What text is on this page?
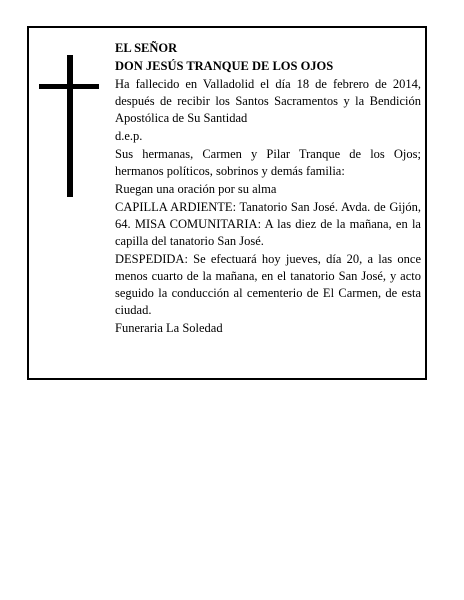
EL SEÑOR

DON JESÚS TRANQUE DE LOS OJOS

Ha fallecido en Valladolid el día 18 de febrero de 2014, después de recibir los Santos Sacramentos y la Bendición Apostólica de Su Santidad

d.e.p.

Sus hermanas, Carmen y Pilar Tranque de los Ojos; hermanos políticos, sobrinos y demás familia:

Ruegan una oración por su alma

CAPILLA ARDIENTE: Tanatorio San José. Avda. de Gijón, 64. MISA COMUNITARIA: A las diez de la mañana, en la capilla del tanatorio San José.

DESPEDIDA: Se efectuará hoy jueves, día 20, a las once menos cuarto de la mañana, en el tanatorio San José, y acto seguido la conducción al cementerio de El Carmen, de esta ciudad.

Funeraria La Soledad
